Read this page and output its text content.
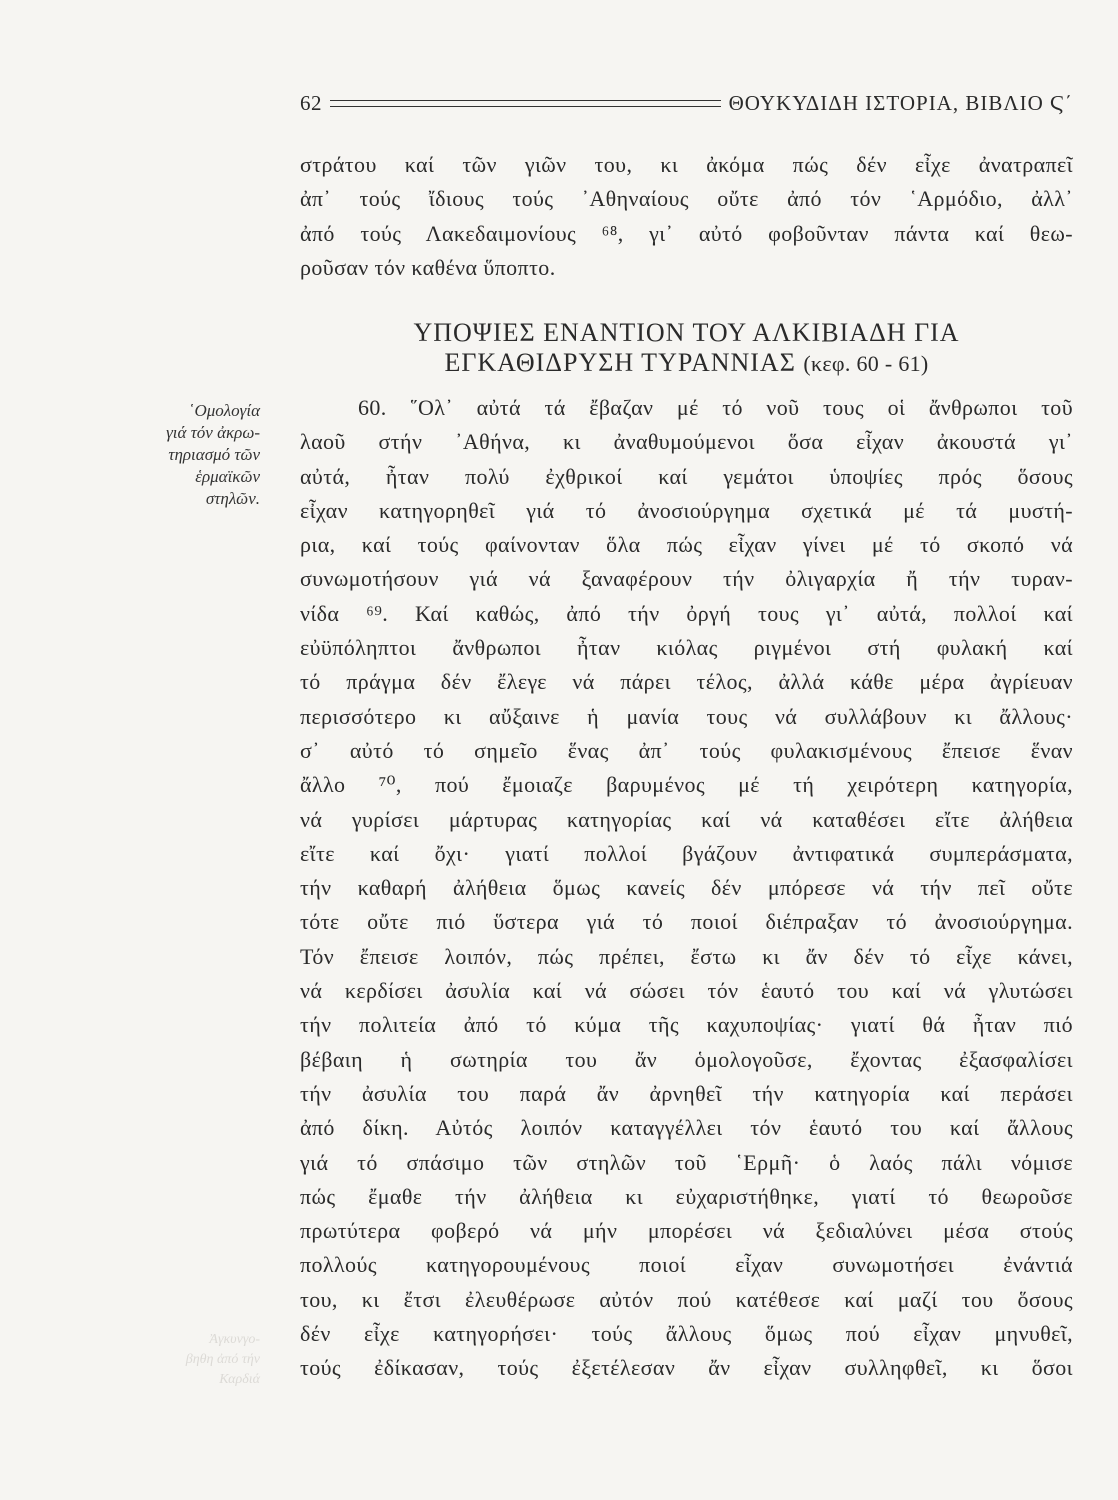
62	ΘΟΥΚΥΔΙΔΗ ΙΣΤΟΡΙΑ, ΒΙΒΛΙΟ Ϛ΄
στράτου καί τῶν γιῶν του, κι ἀκόμα πώς δέν εἶχε ἀνατραπεῖ
ἀπ᾽ τούς ἴδιους τούς ᾿Αθηναίους οὔτε ἀπό τόν ῾Αρμόδιο, ἀλλ᾽
ἀπό τούς Λακεδαιμονίους ⁶⁸, γι᾽ αὐτό φοβοῦνταν πάντα καί θεω-
ροῦσαν τόν καθένα ὕποπτο.
ΥΠΟΨΙΕΣ ΕΝΑΝΤΙΟΝ ΤΟΥ ΑΛΚΙΒΙΑΔΗ ΓΙΑ
ΕΓΚΑΘΙΔΡΥΣΗ ΤΥΡΑΝΝΙΑΣ (κεφ. 60 - 61)
῾Ομολογία
γιά τόν ἀκρω-
τηριασμό τῶν
ἑρμαϊκῶν
στηλῶν.
Ἀγκυνγο-
βηθη ἀπό τήν
Καρδιά
60. ῞Ολ᾽ αὐτά τά ἔβαζαν μέ τό νοῦ τους οἱ ἄνθρωποι τοῦ
λαοῦ στήν ᾿Αθήνα, κι ἀναθυμούμενοι ὅσα εἶχαν ἀκουστά γι᾽
αὐτά, ἦταν πολύ ἐχθρικοί καί γεμάτοι ὑποψίες πρός ὅσους
εἶχαν κατηγορηθεῖ γιά τό ἀνοσιούργημα σχετικά μέ τά μυστή-
ρια, καί τούς φαίνονταν ὅλα πώς εἶχαν γίνει μέ τό σκοπό νά
συνωμοτήσουν γιά νά ξαναφέρουν τήν ὀλιγαρχία ἤ τήν τυραν-
νίδα ⁶⁹. Καί καθώς, ἀπό τήν ὀργή τους γι᾽ αὐτά, πολλοί καί
εὐϋπόληπτοι ἄνθρωποι ἦταν κιόλας ριγμένοι στή φυλακή καί
τό πράγμα δέν ἔλεγε νά πάρει τέλος, ἀλλά κάθε μέρα ἀγρίευαν
περισσότερο κι αὔξαινε ἡ μανία τους νά συλλάβουν κι ἄλλους·
σ᾽ αὐτό τό σημεῖο ἕνας ἀπ᾽ τούς φυλακισμένους ἔπεισε ἕναν
ἄλλο ⁷⁰, πού ἔμοιαζε βαρυμένος μέ τή χειρότερη κατηγορία,
νά γυρίσει μάρτυρας κατηγορίας καί νά καταθέσει εἴτε ἀλήθεια
εἴτε καί ὄχι· γιατί πολλοί βγάζουν ἀντιφατικά συμπεράσματα,
τήν καθαρή ἀλήθεια ὅμως κανείς δέν μπόρεσε νά τήν πεῖ οὔτε
τότε οὔτε πιό ὕστερα γιά τό ποιοί διέπραξαν τό ἀνοσιούργημα.
Τόν ἔπεισε λοιπόν, πώς πρέπει, ἔστω κι ἄν δέν τό εἶχε κάνει,
νά κερδίσει ἀσυλία καί νά σώσει τόν ἑαυτό του καί νά γλυτώσει
τήν πολιτεία ἀπό τό κύμα τῆς καχυποψίας· γιατί θά ἦταν πιό
βέβαιη ἡ σωτηρία του ἄν ὁμολογοῦσε, ἔχοντας ἐξασφαλίσει
τήν ἀσυλία του παρά ἄν ἀρνηθεῖ τήν κατηγορία καί περάσει
ἀπό δίκη. Αὐτός λοιπόν καταγγέλλει τόν ἑαυτό του καί ἄλλους
γιά τό σπάσιμο τῶν στηλῶν τοῦ ῾Ερμῆ· ὁ λαός πάλι νόμισε
πώς ἔμαθε τήν ἀλήθεια κι εὐχαριστήθηκε, γιατί τό θεωροῦσε
πρωτύτερα φοβερό νά μήν μπορέσει νά ξεδιαλύνει μέσα στούς
πολλούς κατηγορουμένους ποιοί εἶχαν συνωμοτήσει ἐνάντιά
του, κι ἔτσι ἐλευθέρωσε αὐτόν πού κατέθεσε καί μαζί του ὅσους
δέν εἶχε κατηγορήσει· τούς ἄλλους ὅμως πού εἶχαν μηνυθεῖ,
τούς ἐδίκασαν, τούς ἐξετέλεσαν ἄν εἶχαν συλληφθεῖ, κι ὅσοι
